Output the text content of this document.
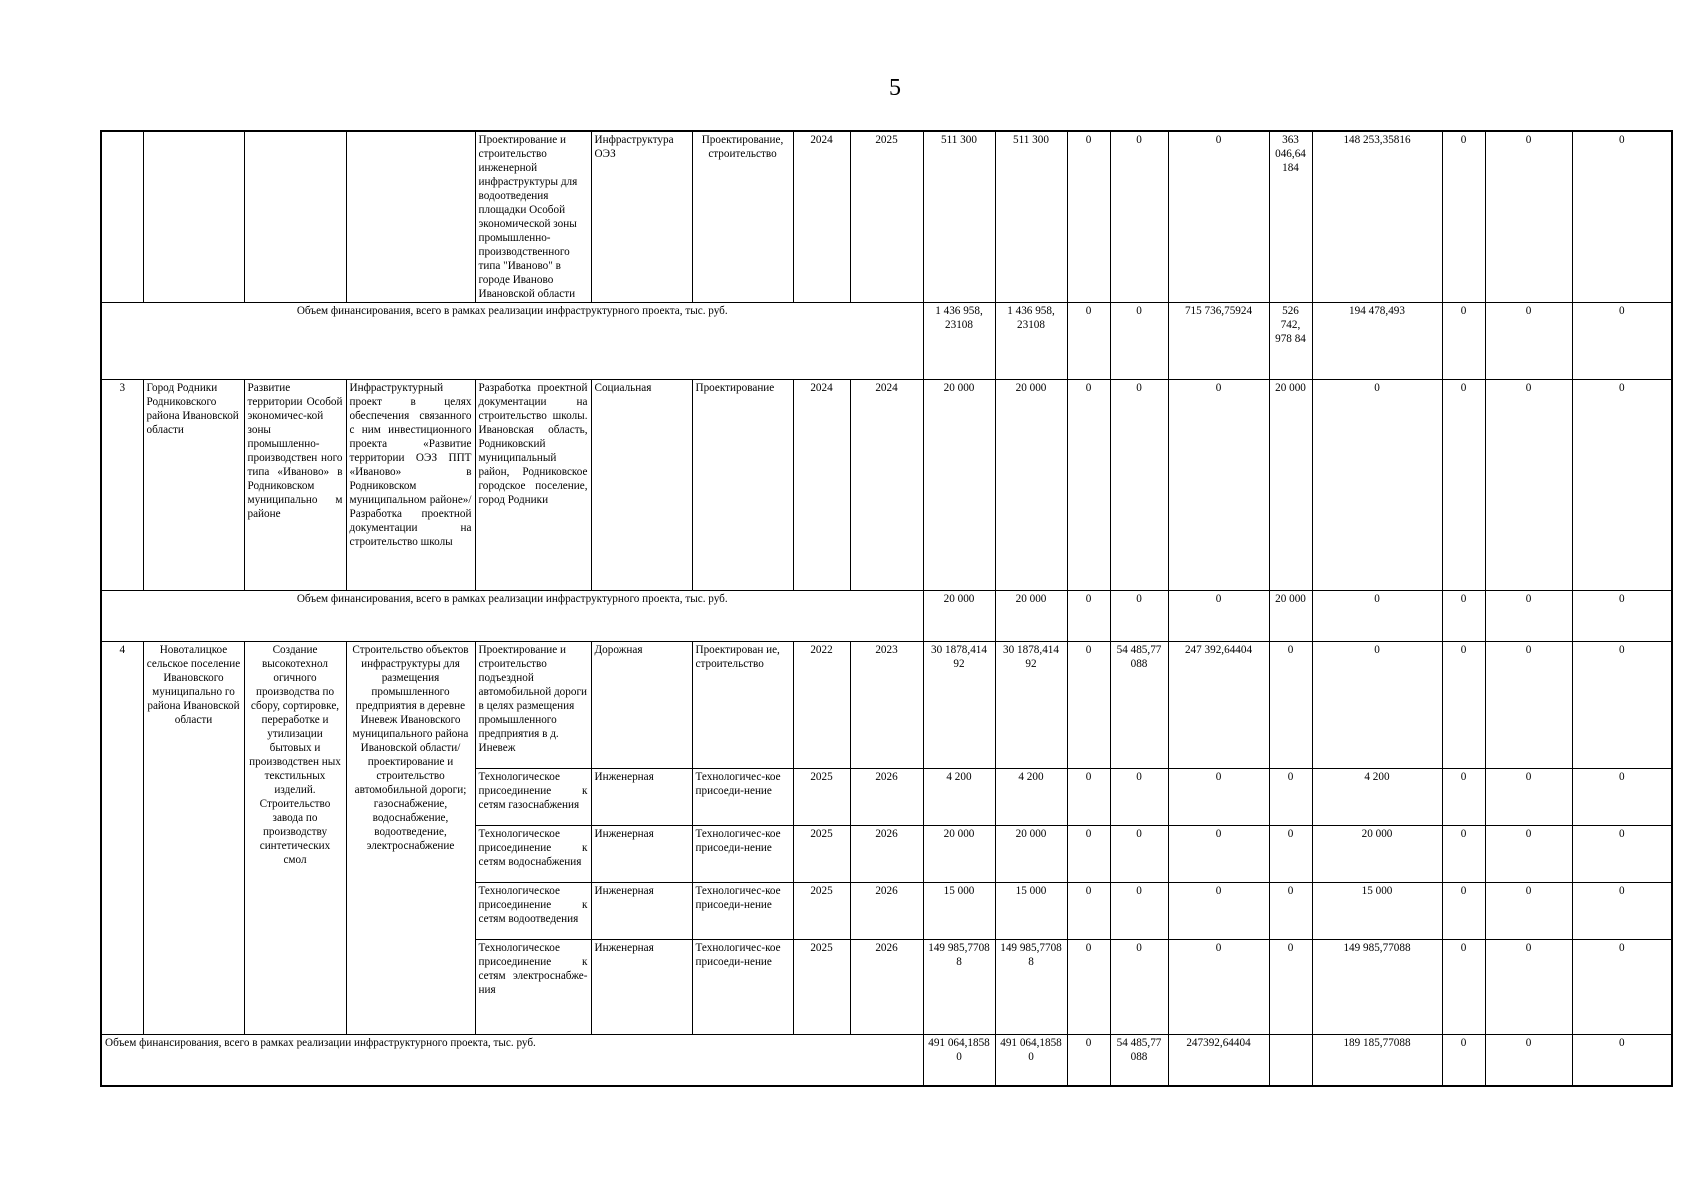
5
				Проектирование и строительство инженерной инфраструктуры для водоотведения площадки Особой экономической зоны промышленно-производственного типа "Иваново" в городе Иваново Ивановской области	Инфраструктура ОЭЗ	Проектирование, строительство	2024	2025	511 300	511 300	0	0	0	363 046,64 184	148 253,35816	0	0	0
Объем финансирования, всего в рамках реализации инфраструктурного проекта, тыс. руб.									1 436 958, 23108	1 436 958, 23108	0	0	715 736,75924	526 742, 978 84	194 478,493	0	0	0
3	Город Родники Родниковского района Ивановской области	Развитие территории Особой экономичес-кой зоны промышленно-производствен ного типа «Иваново» в Родниковском муниципально м районе	Инфраструктурный проект в целях обеспечения связанного с ним инвестиционного проекта «Развитие территории ОЭЗ ППТ «Иваново» в Родниковском муниципальном районе»/Разработка проектной документации на строительство школы	Разработка проектной документации на строительство школы. Ивановская область, Родниковский муниципальный район, Родниковское городское поселение, город Родники	Социальная	Проектирование	2024	2024	20 000	20 000	0	0	0	20 000	0	0	0	0
Объем финансирования, всего в рамках реализации инфраструктурного проекта, тыс. руб.									20 000	20 000	0	0	0	20 000	0	0	0	0
4	Новоталицкое сельское поселение Ивановского муниципально го района Ивановской области	Создание высокотехнол огичного производства по сбору, сортировке, переработке и утилизации бытовых и производствен ных текстильных изделий. Строительство завода по производству синтетических смол	Строительство объектов инфраструктуры для размещения промышленного предприятия в деревне Иневеж Ивановского муниципального района Ивановской области/ проектирование и строительство автомобильной дороги; газоснабжение, водоснабжение, водоотведение, электроснабжение	Проектирование и строительство подъездной автомобильной дороги в целях размещения промышленного предприятия в д. Иневеж	Дорожная	Проектирован ие, строительство	2022	2023	30 1878,414 92	30 1878,414 92	0	54 485,77 088	247 392,64404	0	0	0	0	0
				Технологическое присоединение к сетям газоснабжения	Инженерная	Технологичес-кое присоеди-нение	2025	2026	4 200	4 200	0	0	0	0	4 200	0	0	0
				Технологическое присоединение к сетям водоснабжения	Инженерная	Технологичес-кое присоеди-нение	2025	2026	20 000	20 000	0	0	0	0	20 000	0	0	0
				Технологическое присоединение к сетям водоотведения	Инженерная	Технологичес-кое присоеди-нение	2025	2026	15 000	15 000	0	0	0	0	15 000	0	0	0
				Технологическое присоединение к сетям электроснабже-ния	Инженерная	Технологичес-кое присоеди-нение	2025	2026	149 985,7708 8	149 985,7708 8	0	0	0	0	149 985,77088	0	0	0
Объем финансирования, всего в рамках реализации инфраструктурного проекта, тыс. руб.									491 064,1858 0	491 064,1858 0	0	54 485,77 088	247392,64404		189 185,77088	0	0	0
